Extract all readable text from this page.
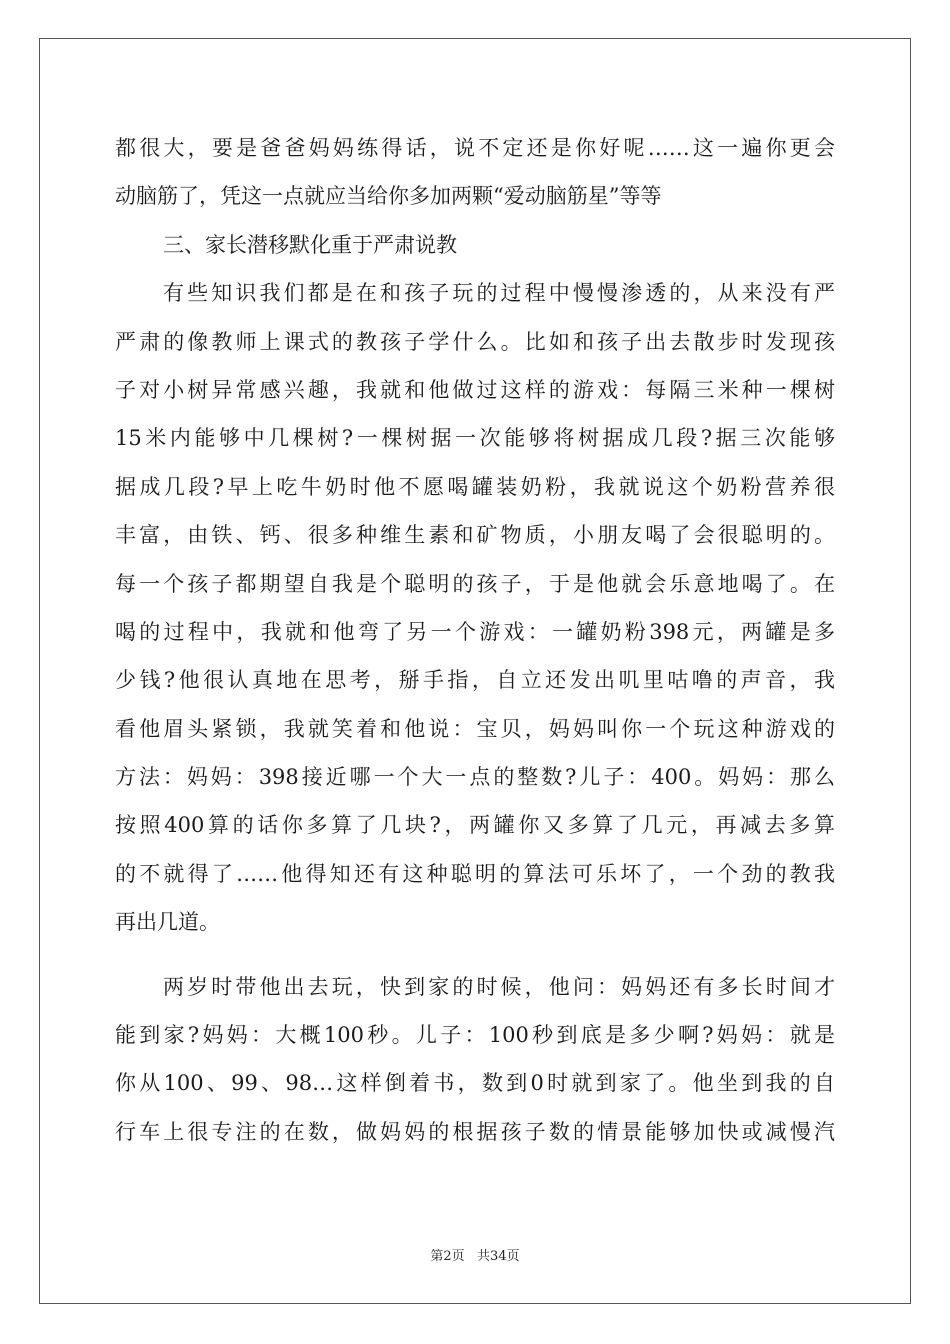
都很大，要是爸爸妈妈练得话，说不定还是你好呢……这一遍你更会
动脑筋了，凭这一点就应当给你多加两颗“爱动脑筋星”等等
三、家长潜移默化重于严肃说教
有些知识我们都是在和孩子玩的过程中慢慢渗透的，从来没有严
严肃的像教师上课式的教孩子学什么。比如和孩子出去散步时发现孩
子对小树异常感兴趣，我就和他做过这样的游戏：每隔三米种一棵树
15米内能够中几棵树?一棵树据一次能够将树据成几段?据三次能够
据成几段?早上吃牛奶时他不愿喝罐装奶粉，我就说这个奶粉营养很
丰富，由铁、钙、很多种维生素和矿物质，小朋友喝了会很聪明的。
每一个孩子都期望自我是个聪明的孩子，于是他就会乐意地喝了。在
喝的过程中，我就和他弯了另一个游戏：一罐奶粉398元，两罐是多
少钱?他很认真地在思考，掰手指，自立还发出叽里咕噜的声音，我
看他眉头紧锁，我就笑着和他说：宝贝，妈妈叫你一个玩这种游戏的
方法：妈妈：398接近哪一个大一点的整数?儿子：400。妈妈：那么
按照400算的话你多算了几块?，两罐你又多算了几元，再减去多算
的不就得了……他得知还有这种聪明的算法可乐坏了，一个劲的教我
再出几道。
两岁时带他出去玩，快到家的时候，他问：妈妈还有多长时间才
能到家?妈妈：大概100秒。儿子：100秒到底是多少啊?妈妈：就是
你从100、99、98…这样倒着书，数到0时就到家了。他坐到我的自
行车上很专注的在数，做妈妈的根据孩子数的情景能够加快或减慢汽
第2页   共34页
